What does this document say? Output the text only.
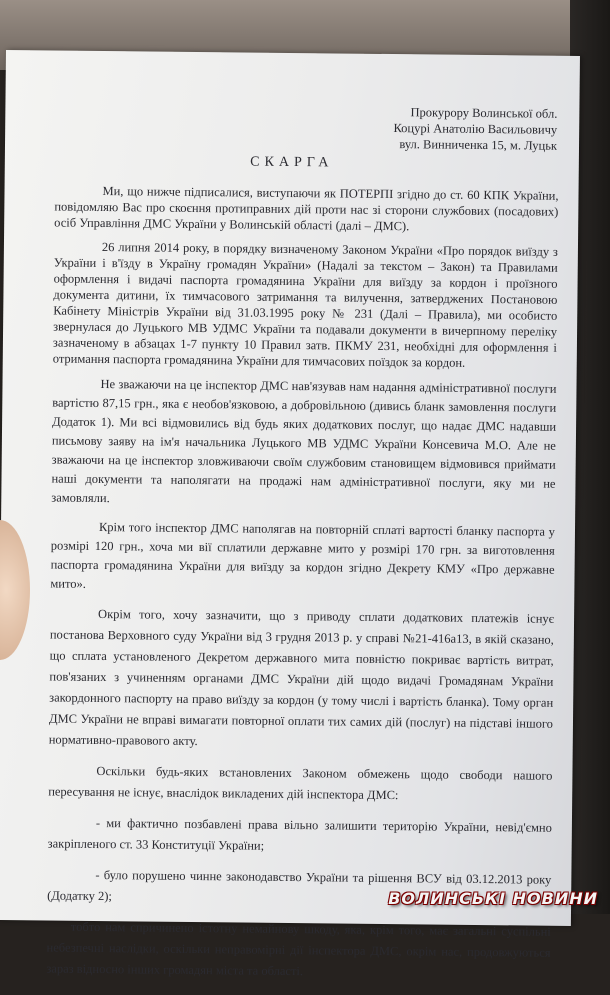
Прокурору Волинської обл.
Коцурі Анатолію Васильовичу
вул. Винниченка 15, м. Луцьк
СКАРГА

Ми, що нижче підписалися, виступаючи як ПОТЕРПІ згідно до ст. 60 КПК України, повідомляю Вас про скоєння протиправних дій проти нас зі сторони службових (посадових) осіб Управління ДМС України у Волинській області (далі – ДМС).

26 липня 2014 року, в порядку визначеному Законом України «Про порядок виїзду з України і в'їзду в Україну громадян України» (Надалі за текстом – Закон) та Правилами оформлення і видачі паспорта громадянина України для виїзду за кордон і проїзного документа дитини, їх тимчасового затримання та вилучення, затверджених Постановою Кабінету Міністрів України від 31.03.1995 року № 231 (Далі – Правила), ми особисто звернулася до Луцького МВ УДМС України та подавали документи в вичерпному переліку зазначеному в абзацах 1-7 пункту 10 Правил затв. ПКМУ 231, необхідні для оформлення і отримання паспорта громадянина України для тимчасових поїздок за кордон.

Не зважаючи на це інспектор ДМС нав'язував нам надання адміністративної послуги вартістю 87,15 грн., яка є необов'язковою, а добровільною (дивись бланк замовлення послуги Додаток 1). Ми всі відмовились від будь яких додаткових послуг, що надає ДМС надавши письмову заяву на ім'я начальника Луцького МВ УДМС України Консевича М.О. Але не зважаючи на це інспектор зловживаючи своїм службовим становищем відмовився приймати наші документи та наполягати на продажі нам адміністративної послуги, яку ми не замовляли.

Крім того інспектор ДМС наполягав на повторній сплаті вартості бланку паспорта у розмірі 120 грн., хоча ми вії сплатили державне мито у розмірі 170 грн. за виготовлення паспорта громадянина України для виїзду за кордон згідно Декрету КМУ «Про державне мито».

Окрім того, хочу зазначити, що з приводу сплати додаткових платежів існує постанова Верховного суду України від 3 грудня 2013 р. у справі №21-416а13, в якій сказано, що сплата установленого Декретом державного мита повністю покриває вартість витрат, пов'язаних з учиненням органами ДМС України дій щодо видачі Громадянам України закордонного паспорту на право виїзду за кордон (у тому числі і вартість бланка). Тому орган ДМС України не вправі вимагати повторної оплати тих самих дій (послуг) на підставі іншого нормативно-правового акту.

Оскільки будь-яких встановлених Законом обмежень щодо свободи нашого пересування не існує, внаслідок викладених дій інспектора ДМС:

- ми фактично позбавлені права вільно залишити територію України, невід'ємно закріпленого ст. 33 Конституції України;

- було порушено чинне законодавство України та рішення ВСУ від 03.12.2013 року (Додатку 2);

тобто нам спричинено істотну немайнову шкоду, яка, крім того, має загальні суспільні небезпечні наслідки, оскільки неправомірні дії інспектора ДМС, окрім нас, продовжуються зараз відносно інших громадян міста та області.

ВОЛИНСЬКІ НОВИНИ
